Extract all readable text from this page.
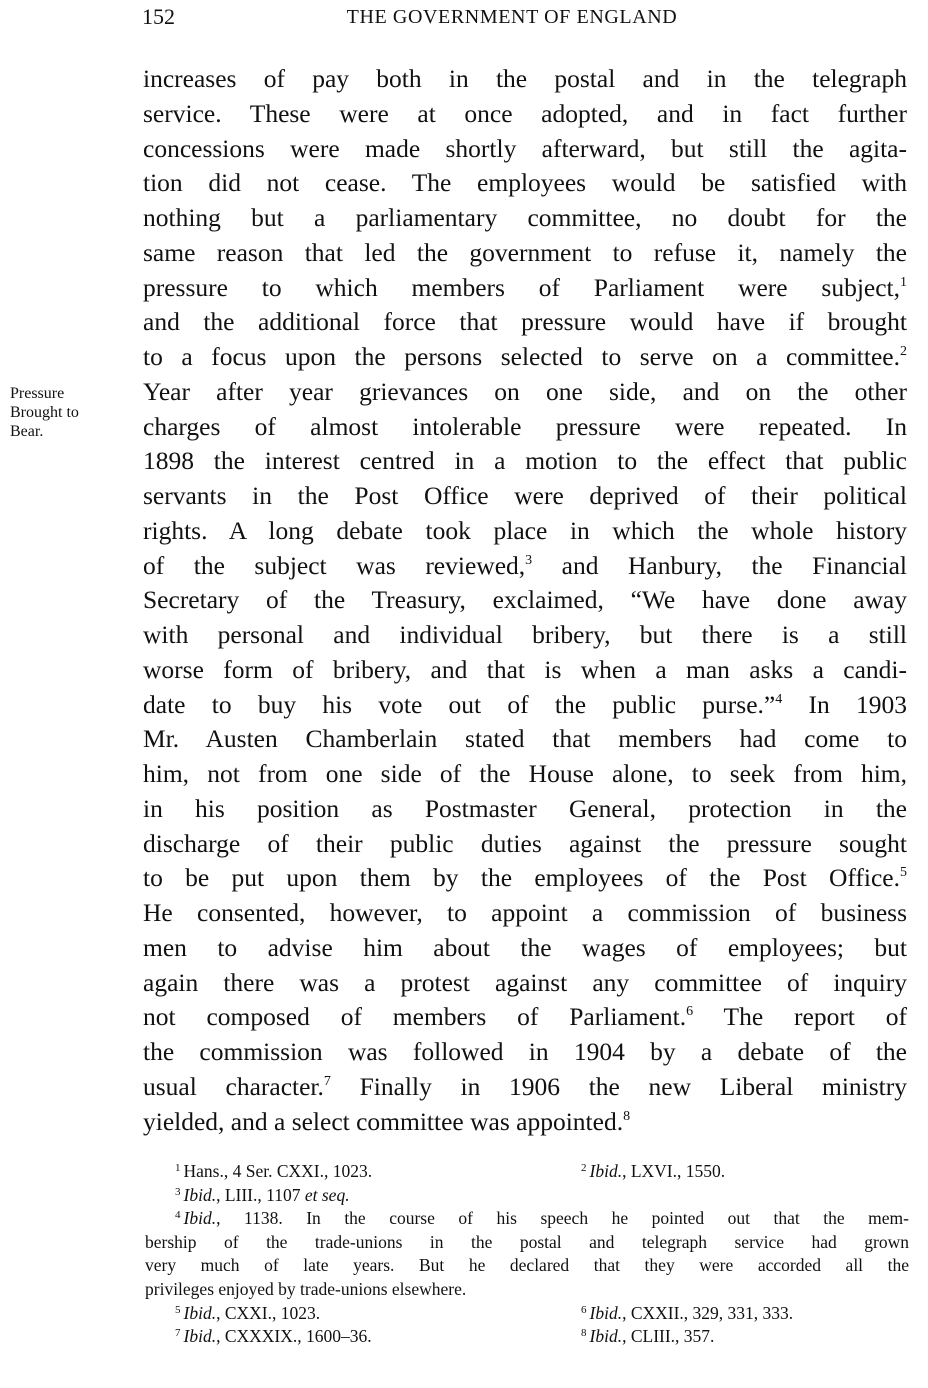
152	THE GOVERNMENT OF ENGLAND
Pressure
Brought to
Bear.
increases of pay both in the postal and in the telegraph
service. These were at once adopted, and in fact further
concessions were made shortly afterward, but still the agita-
tion did not cease. The employees would be satisfied with
nothing but a parliamentary committee, no doubt for the
same reason that led the government to refuse it, namely the
pressure to which members of Parliament were subject,$^1$
and the additional force that pressure would have if brought
to a focus upon the persons selected to serve on a committee.$^2$
Year after year grievances on one side, and on the other
charges of almost intolerable pressure were repeated. In
1898 the interest centred in a motion to the effect that public
servants in the Post Office were deprived of their political
rights. A long debate took place in which the whole history
of the subject was reviewed,$^3$ and Hanbury, the Financial
Secretary of the Treasury, exclaimed, “We have done away
with personal and individual bribery, but there is a still
worse form of bribery, and that is when a man asks a candi-
date to buy his vote out of the public purse.”$^4$ In 1903
Mr. Austen Chamberlain stated that members had come to
him, not from one side of the House alone, to seek from him,
in his position as Postmaster General, protection in the
discharge of their public duties against the pressure sought
to be put upon them by the employees of the Post Office.$^5$
He consented, however, to appoint a commission of business
men to advise him about the wages of employees; but
again there was a protest against any committee of inquiry
not composed of members of Parliament.$^6$ The report of
the commission was followed in 1904 by a debate of the
usual character.$^7$ Finally in 1906 the new Liberal ministry
yielded, and a select committee was appointed.$^8$
$^1$ Hans., 4 Ser. CXXI., 1023.	$^2$ Ibid., LXVI., 1550.
$^3$ Ibid., LIII., 1107 et seq.
$^4$ Ibid., 1138. In the course of his speech he pointed out that the mem-
bership of the trade-unions in the postal and telegraph service had grown
very much of late years. But he declared that they were accorded all the
privileges enjoyed by trade-unions elsewhere.
$^5$ Ibid., CXXI., 1023.	$^6$ Ibid., CXXII., 329, 331, 333.
$^7$ Ibid., CXXXIX., 1600–36.	$^8$ Ibid., CLIII., 357.
